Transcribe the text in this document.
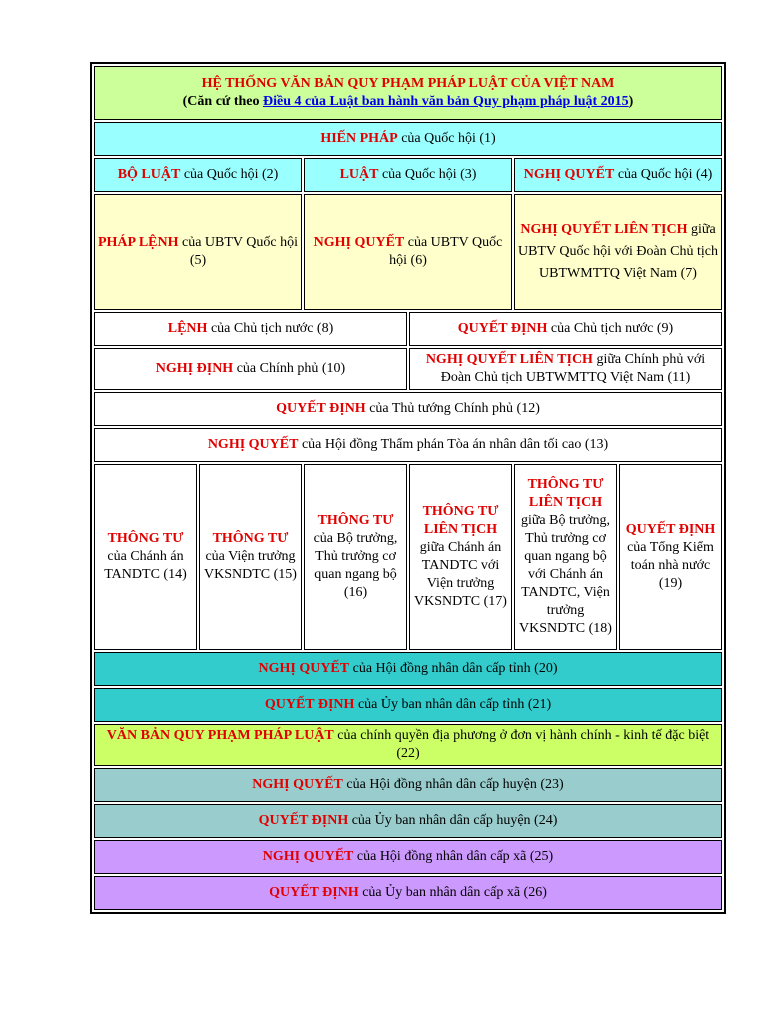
HỆ THỐNG VĂN BẢN QUY PHẠM PHÁP LUẬT CỦA VIỆT NAM
(Căn cứ theo Điều 4 của Luật ban hành văn bản Quy phạm pháp luật 2015)					

HIẾN PHÁP của Quốc hội (1)					
BỘ LUẬT của Quốc hội (2)		LUẬT của Quốc hội (3)		NGHỊ QUYẾT của Quốc hội (4)	
PHÁP LỆNH của UBTV Quốc hội (5)		NGHỊ QUYẾT của UBTV Quốc hội (6)		NGHỊ QUYẾT LIÊN TỊCH giữa

UBTV Quốc hội với Đoàn Chủ tịch

UBTWMTTQ Việt Nam (7)	

LỆNH của Chủ tịch nước (8)			QUYẾT ĐỊNH của Chủ tịch nước (9)		
NGHỊ ĐỊNH của Chính phủ (10)			NGHỊ QUYẾT LIÊN TỊCH giữa Chính phủ với Đoàn Chủ tịch UBTWMTTQ Việt Nam (11)		
QUYẾT ĐỊNH của Thủ tướng Chính phủ (12)					
NGHỊ QUYẾT của Hội đồng Thẩm phán Tòa án nhân dân tối cao (13)					
THÔNG TƯ của Chánh án TANDTC (14)	THÔNG TƯ của Viện trưởng VKSNDTC (15)	THÔNG TƯ của Bộ trưởng, Thủ trưởng cơ quan ngang bộ (16)	THÔNG TƯ LIÊN TỊCH giữa Chánh án TANDTC với Viện trưởng VKSNDTC (17)	THÔNG TƯ LIÊN TỊCH giữa Bộ trưởng, Thủ trưởng cơ quan ngang bộ với Chánh án TANDTC, Viện trưởng VKSNDTC (18)	QUYẾT ĐỊNH của Tổng Kiểm toán nhà nước (19)
NGHỊ QUYẾT của Hội đồng nhân dân cấp tỉnh (20)					
QUYẾT ĐỊNH của Ủy ban nhân dân cấp tỉnh (21)					
VĂN BẢN QUY PHẠM PHÁP LUẬT của chính quyền địa phương ở đơn vị hành chính - kinh tế đặc biệt (22)					
NGHỊ QUYẾT của Hội đồng nhân dân cấp huyện (23)					
QUYẾT ĐỊNH của Ủy ban nhân dân cấp huyện (24)					
NGHỊ QUYẾT của Hội đồng nhân dân cấp xã (25)					
QUYẾT ĐỊNH của Ủy ban nhân dân cấp xã (26)					
